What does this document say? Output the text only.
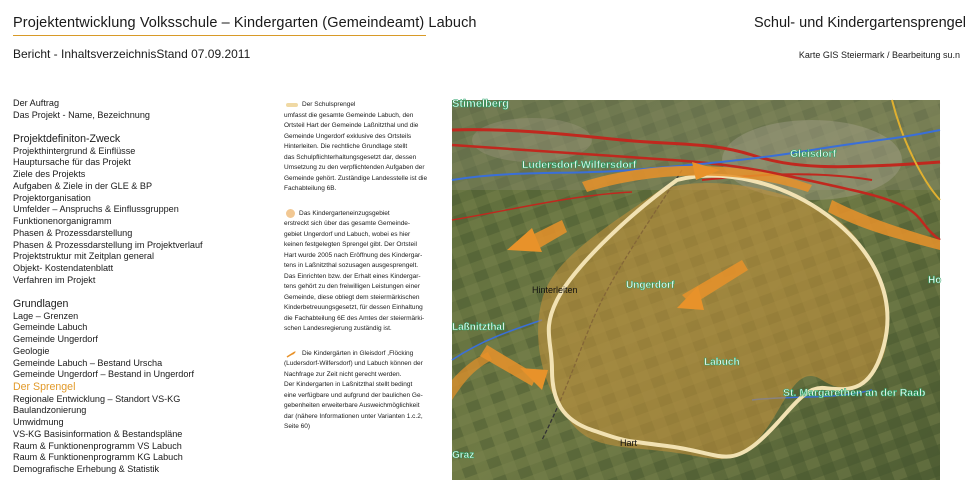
Projektentwicklung Volksschule – Kindergarten (Gemeindeamt) Labuch	Schul- und Kindergartensprengel
Bericht - InhaltsverzeichnisStand 07.09.2011	Karte GIS Steiermark / Bearbeitung su.n
Der Auftrag
Das Projekt - Name, Bezeichnung
Projektdefiniton-Zweck
Projekthintergrund & Einflüsse
Hauptursache für das Projekt
Ziele des Projekts
Aufgaben & Ziele in der GLE & BP
Projektorganisation
Umfelder – Anspruchs & Einflussgruppen
Funktionenorganigramm
Phasen & Prozessdarstellung
Phasen & Prozessdarstellung im Projektverlauf
Projektstruktur mit Zeitplan general
Objekt- Kostendatenblatt
Verfahren im Projekt
Grundlagen
Lage – Grenzen
Gemeinde Labuch
Gemeinde Ungerdorf
Geologie
Gemeinde Labuch – Bestand Urscha
Gemeinde Ungerdorf – Bestand in Ungerdorf
Der Sprengel
Regionale Entwicklung – Standort VS-KG
Baulandzonierung
Umwidmung
VS-KG Basisinformation & Bestandspläne
Raum & Funktionenprogramm VS Labuch
Raum & Funktionenprogramm KG Labuch
Demografische Erhebung & Statistik
Der Schulsprengel
umfasst die gesamte Gemeinde Labuch, den
Ortsteil Hart der Gemeinde Laßnitzthal und die
Gemeinde Ungerdorf exklusive des Ortsteils
Hinterleiten. Die rechtliche Grundlage stellt
das Schulpflichterhaltungsgesetzt dar, dessen
Umsetzung zu den verpflichtenden Aufgaben der
Gemeinde gehört. Zuständige Landesstelle ist die
Fachabteilung 6B.
Das Kindergarteneinzugsgebiet
erstreckt sich über das gesamte Gemeinde-
gebiet Ungerdorf und Labuch, wobei es hier
keinen festgelegten Sprengel gibt. Der Ortsteil
Hart wurde 2005 nach Eröffnung des Kindergar-
tens in Laßnitzthal sozusagen ausgesprengelt.
Das Einrichten bzw. der Erhalt eines Kindergar-
tens gehört zu den freiwilligen Leistungen einer
Gemeinde, diese obliegt dem steiermärkischen
Kinderbetreuungsgesetzt, für dessen Einhaltung
die Fachabteilung 6E des Amtes der steiermärki-
schen Landesregierung zuständig ist.
Die Kindergärten in Gleisdorf ,Flöcking
(Ludersdorf-Wilfersdorf) und Labuch können der
Nachfrage zur Zeit nicht gerecht werden.
Der Kindergarten in Laßnitzthal stellt bedingt
eine verfügbare und aufgrund der baulichen Ge-
gebenheiten erweiterbare Ausweichmöglichkeit
dar (nähere Informationen unter Varianten 1.c.2,
Seite 60)
Stimelberg
Ludersdorf-Wilfersdorf
Gleisdorf
Ungerdorf
Labuch
Laßnitzthal
St. Margarethen an der Raab
Graz
Ho
Hinterleiten
Hart
